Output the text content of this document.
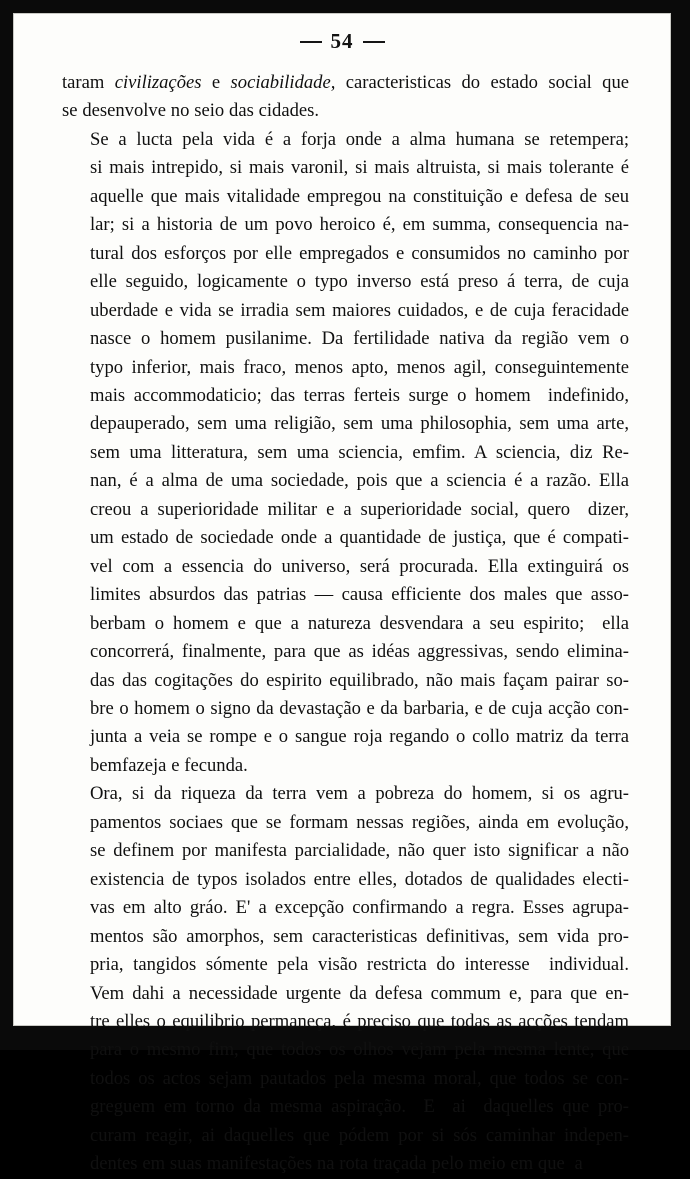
54
taram civilizações e sociabilidade, caracteristicas do estado social que
se desenvolve no seio das cidades.
Se a lucta pela vida é a forja onde a alma humana se retempera;
si mais intrepido, si mais varonil, si mais altruista, si mais tolerante é
aquelle que mais vitalidade empregou na constituição e defesa de seu
lar; si a historia de um povo heroico é, em summa, consequencia na-
tural dos esforços por elle empregados e consumidos no caminho por
elle seguido, logicamente o typo inverso está preso á terra, de cuja
uberdade e vida se irradia sem maiores cuidados, e de cuja feracidade
nasce o homem pusilanime. Da fertilidade nativa da região vem o
typo inferior, mais fraco, menos apto, menos agil, conseguintemente
mais accommodaticio; das terras ferteis surge o homem  indefinido,
depauperado, sem uma religião, sem uma philosophia, sem uma arte,
sem uma litteratura, sem uma sciencia, emfim. A sciencia, diz Re-
nan, é a alma de uma sociedade, pois que a sciencia é a razão. Ella
creou a superioridade militar e a superioridade social, quero  dizer,
um estado de sociedade onde a quantidade de justiça, que é compati-
vel com a essencia do universo, será procurada. Ella extinguirá os
limites absurdos das patrias — causa efficiente dos males que asso-
berbam o homem e que a natureza desvendara a seu espirito;  ella
concorrerá, finalmente, para que as idéas aggressivas, sendo elimina-
das das cogitações do espirito equilibrado, não mais façam pairar so-
bre o homem o signo da devastação e da barbaria, e de cuja acção con-
junta a veia se rompe e o sangue roja regando o collo matriz da terra
bemfazeja e fecunda.
Ora, si da riqueza da terra vem a pobreza do homem, si os agru-
pamentos sociaes que se formam nessas regiões, ainda em evolução,
se definem por manifesta parcialidade, não quer isto significar a não
existencia de typos isolados entre elles, dotados de qualidades electi-
vas em alto gráo. E' a excepção confirmando a regra. Esses agrupa-
mentos são amorphos, sem caracteristicas definitivas, sem vida pro-
pria, tangidos sómente pela visão restricta do interesse  individual.
Vem dahi a necessidade urgente da defesa commum e, para que en-
tre elles o equilibrio permaneça, é preciso que todas as acções tendam
para o mesmo fim, que todos os olhos vejam pela mesma lente, que
todos os actos sejam pautados pela mesma moral, que todos se con-
greguem em torno da mesma aspiração.  E  ai  daquelles que pro-
curam reagir, ai daquelles que pódem por si sós caminhar indepen-
dentes em suas manifestações na rota traçada pelo meio em que  a
